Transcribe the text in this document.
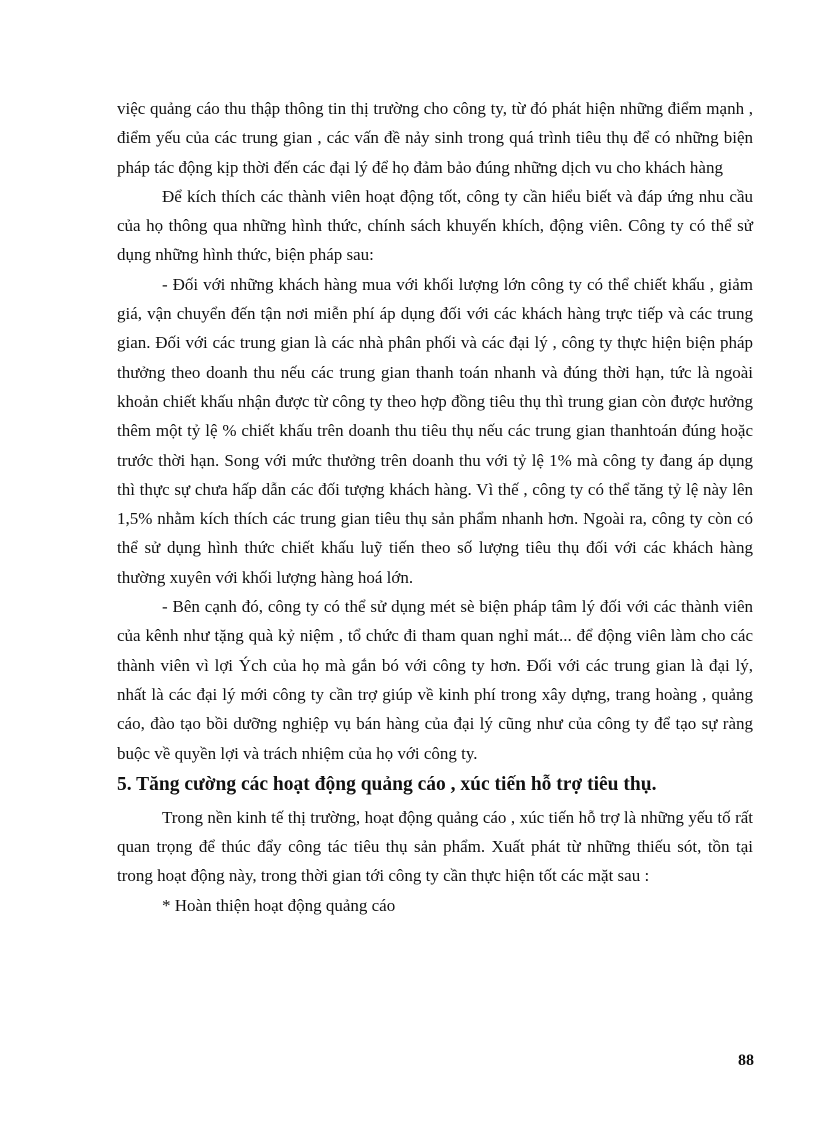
việc quảng cáo thu thập thông tin thị trường cho công ty, từ đó phát hiện những điểm mạnh , điểm yếu của các trung gian , các vấn đề nảy sinh trong quá trình tiêu thụ để có những biện pháp tác động kịp thời đến các đại lý để họ đảm bảo đúng những dịch vu cho khách hàng

Để kích thích các thành viên hoạt động tốt, công ty cần hiểu biết và đáp ứng nhu cầu của họ thông qua những hình thức, chính sách khuyến khích, động viên. Công ty có thể sử dụng những hình thức, biện pháp sau:

- Đối với những khách hàng mua với khối lượng lớn công ty có thể chiết khấu , giảm giá, vận chuyển đến tận nơi miễn phí áp dụng đối với các khách hàng trực tiếp và các trung gian. Đối với các trung gian là các nhà phân phối và các đại lý , công ty thực hiện biện pháp thưởng theo doanh thu nếu các trung gian thanh toán nhanh và đúng thời hạn, tức là ngoài khoản chiết khấu nhận được từ công ty theo hợp đồng tiêu thụ thì trung gian còn được hưởng thêm một tỷ lệ % chiết khấu trên doanh thu tiêu thụ nếu các trung gian thanhtoán đúng hoặc trước thời hạn. Song với mức thưởng trên doanh thu với tỷ lệ 1% mà công ty đang áp dụng thì thực sự chưa hấp dẫn các đối tượng khách hàng. Vì thế , công ty có thể tăng tỷ lệ này lên 1,5% nhằm kích thích các trung gian tiêu thụ sản phẩm nhanh hơn. Ngoài ra, công ty còn có thể sử dụng hình thức chiết khấu luỹ tiến theo số lượng tiêu thụ đối với các khách hàng thường xuyên với khối lượng hàng hoá lớn.

- Bên cạnh đó, công ty có thể sử dụng mét sè biện pháp tâm lý đối với các thành viên của kênh như tặng quà kỷ niệm , tổ chức đi tham quan nghỉ mát... để động viên làm cho các thành viên vì lợi Ých của họ mà gắn bó với công ty hơn. Đối với các trung gian là đại lý, nhất là các đại lý mới công ty cần trợ giúp về kinh phí trong xây dựng, trang hoàng , quảng cáo, đào tạo bồi dưỡng nghiệp vụ bán hàng của đại lý cũng như của công ty để tạo sự ràng buộc về quyền lợi và trách nhiệm của họ với công ty.

5. Tăng cường các hoạt động quảng cáo , xúc tiến hỗ trợ tiêu thụ.

Trong nền kinh tế thị trường, hoạt động quảng cáo , xúc tiến hỗ trợ là những yếu tố rất quan trọng để thúc đẩy công tác tiêu thụ sản phẩm. Xuất phát từ những thiếu sót, tồn tại trong hoạt động này, trong thời gian tới công ty cần thực hiện tốt các mặt sau :

* Hoàn thiện hoạt động quảng cáo

88
